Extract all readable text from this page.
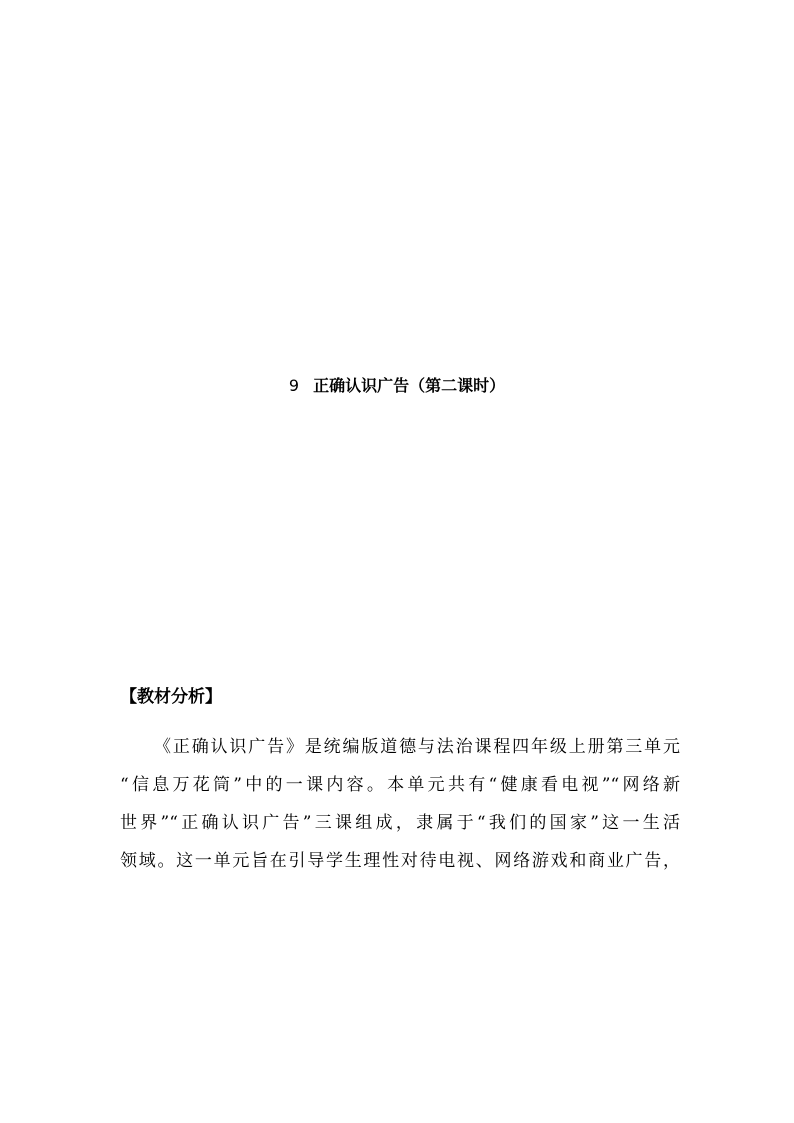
9 正确认识广告（第二课时）
【教材分析】
《正确认识广告》是统编版道德与法治课程四年级上册第三单元
“信息万花筒”中的一课内容。本单元共有“健康看电视”“网络新
世界”“正确认识广告”三课组成，隶属于“我们的国家”这一生活
领域。这一单元旨在引导学生理性对待电视、网络游戏和商业广告，
